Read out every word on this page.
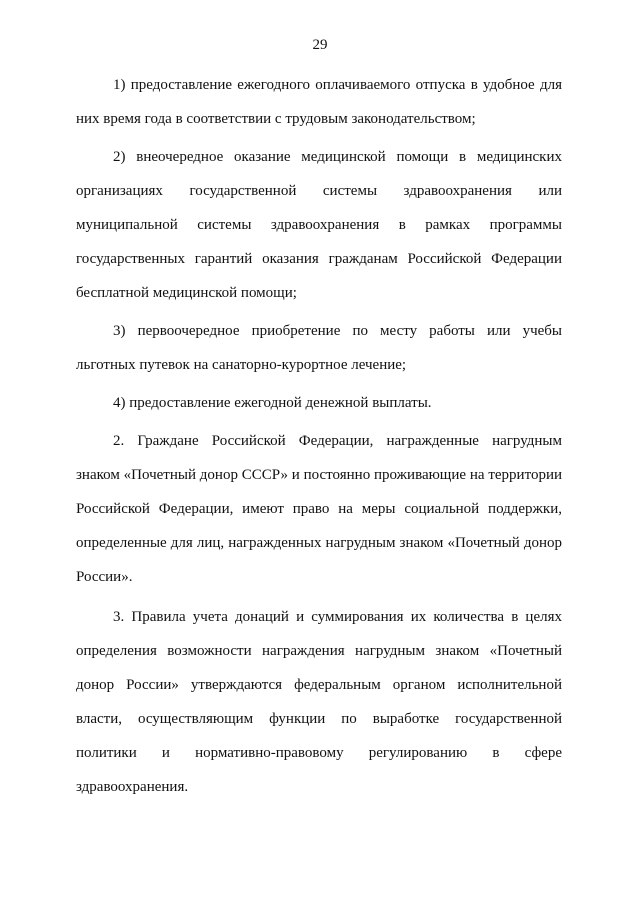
29

1) предоставление ежегодного оплачиваемого отпуска в удобное для них время года в соответствии с трудовым законодательством;

2) внеочередное оказание медицинской помощи в медицинских организациях государственной системы здравоохранения или муниципальной системы здравоохранения в рамках программы государственных гарантий оказания гражданам Российской Федерации бесплатной медицинской помощи;

3) первоочередное приобретение по месту работы или учебы льготных путевок на санаторно-курортное лечение;

4) предоставление ежегодной денежной выплаты.

2. Граждане Российской Федерации, награжденные нагрудным знаком «Почетный донор СССР» и постоянно проживающие на территории Российской Федерации, имеют право на меры социальной поддержки, определенные для лиц, награжденных нагрудным знаком «Почетный донор России».

3. Правила учета донаций и суммирования их количества в целях определения возможности награждения нагрудным знаком «Почетный донор России» утверждаются федеральным органом исполнительной власти, осуществляющим функции по выработке государственной политики и нормативно-правовому регулированию в сфере здравоохранения.
